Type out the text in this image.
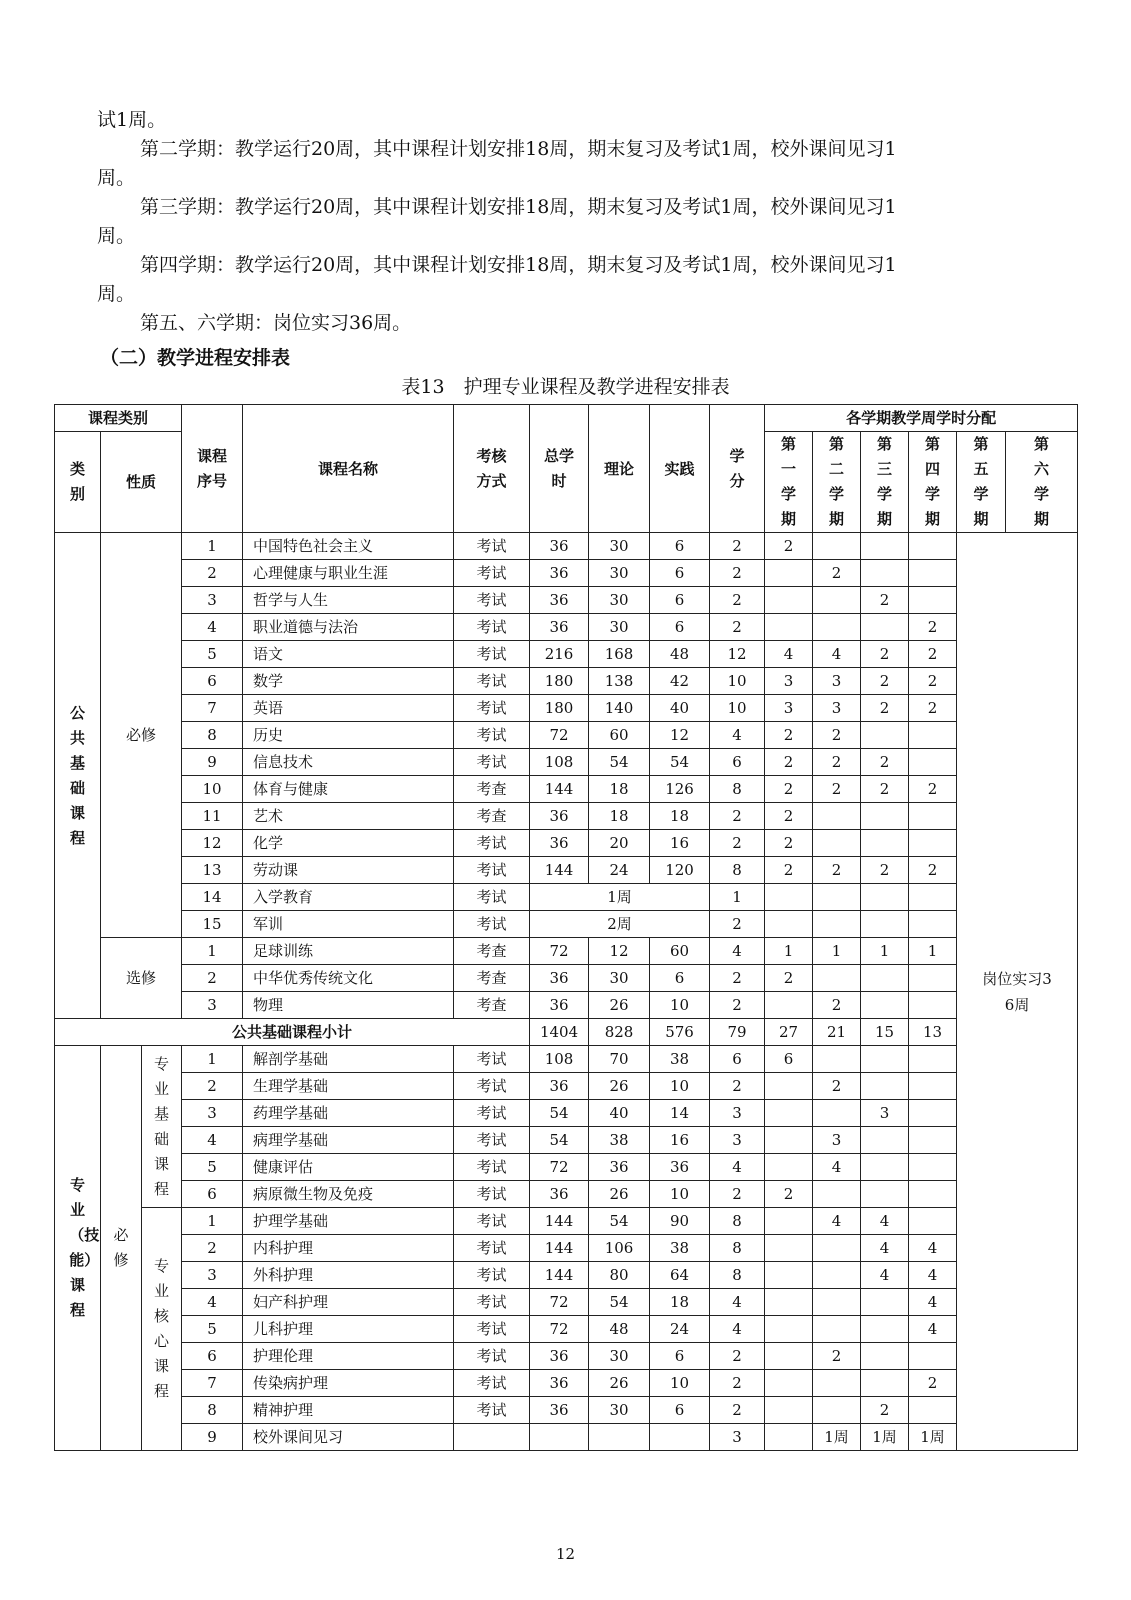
试1周。
第二学期：教学运行20周，其中课程计划安排18周，期末复习及考试1周，校外课间见习1
周。
第三学期：教学运行20周，其中课程计划安排18周，期末复习及考试1周，校外课间见习1
周。
第四学期：教学运行20周，其中课程计划安排18周，期末复习及考试1周，校外课间见习1
周。
第五、六学期：岗位实习36周。
（二）教学进程安排表
表13　护理专业课程及教学进程安排表
课程类别			课程序号	课程名称	考核方式	总学时	理论	实践	学分	各学期教学周学时分配					
类别	性质									第一学期	第二学期	第三学期	第四学期	第五学期	第六学期
公共基础课程	必修		1	中国特色社会主义	考试	36	30	6	2	2				岗位实习36周	
			2	心理健康与职业生涯	考试	36	30	6	2		2				
			3	哲学与人生	考试	36	30	6	2			2			
			4	职业道德与法治	考试	36	30	6	2				2		
			5	语文	考试	216	168	48	12	4	4	2	2		
			6	数学	考试	180	138	42	10	3	3	2	2		
			7	英语	考试	180	140	40	10	3	3	2	2		
			8	历史	考试	72	60	12	4	2	2				
			9	信息技术	考试	108	54	54	6	2	2	2			
			10	体育与健康	考查	144	18	126	8	2	2	2	2		
			11	艺术	考查	36	18	18	2	2					
			12	化学	考试	36	20	16	2	2					
			13	劳动课	考试	144	24	120	8	2	2	2	2		
			14	入学教育	考试	1周			1						
			15	军训	考试	2周			2						
	选修		1	足球训练	考查	72	12	60	4	1	1	1	1		
			2	中华优秀传统文化	考查	36	30	6	2	2					
			3	物理	考查	36	26	10	2		2				
公共基础课程小计						1404	828	576	79	27	21	15	13		
专业（技能）课程	必修	专业基础课程	1	解剖学基础	考试	108	70	38	6	6					
			2	生理学基础	考试	36	26	10	2		2				
			3	药理学基础	考试	54	40	14	3			3			
			4	病理学基础	考试	54	38	16	3		3				
			5	健康评估	考试	72	36	36	4		4				
			6	病原微生物及免疫	考试	36	26	10	2	2					
		专业核心课程	1	护理学基础	考试	144	54	90	8		4	4			
			2	内科护理	考试	144	106	38	8			4	4		
			3	外科护理	考试	144	80	64	8			4	4		
			4	妇产科护理	考试	72	54	18	4				4		
			5	儿科护理	考试	72	48	24	4				4		
			6	护理伦理	考试	36	30	6	2		2				
			7	传染病护理	考试	36	26	10	2				2		
			8	精神护理	考试	36	30	6	2			2			
			9	校外课间见习					3		1周	1周	1周		
12
